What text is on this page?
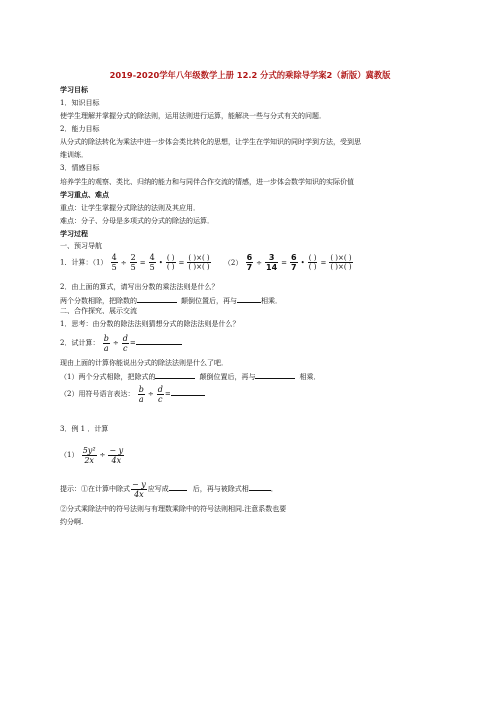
2019-2020学年八年级数学上册 12.2 分式的乘除导学案2（新版）冀教版
学习目标
1．知识目标
使学生理解并掌握分式的除法则，运用法则进行运算，能解决一些与分式有关的问题．
2．能力目标
从分式的除法转化为乘法中进一步体会类比转化的思想，让学生在学知识的同时学到方法，受到思
维训练．
3．情感目标
培养学生的观察、类比、归纳的能力和与同伴合作交流的情感，进一步体会数学知识的实际价值
学习重点、难点
重点：让学生掌握分式除法的法则及其应用．
难点：分子、分母是多项式的分式的除法的运算．
学习过程
一、预习导航
1．计算：$(1) \frac{4}{5} \div \frac{2}{5} = \frac{4}{5}$ • $\frac{( )}{( )} = \frac{( )\times( )}{( )\times( )} (2) \frac{6}{7} \div \frac{3}{14} = \frac{6}{7}$ • $\frac{( )}{( )} = \frac{( )\times( )}{( )\times( )}$
2．由上面的算式，请写出分数的乘法法则是什么？
两个分数相除，把除数的	颠倒位置后，再与	相乘．
二、合作探究、展示交流
1．思考：由分数的除法法则猜想分式的除法法则是什么？
2．试计算： $\frac{b}{a} \div \frac{d}{c}$ =
现由上面的计算你能说出分式的除法法则是什么了吧．
（1）两个分式相除，把除式的	颠倒位置后，再与	相乘．
（2）用符号语言表达： $\frac{b}{a} \div \frac{d}{c}$ =
3．例 1 ．计算
$(1) \frac{\text{5y²}}{2x} \div \frac{- y}{4x}$
提示：①在计算中除式 $\frac{- y}{4x}$ 应写成	后，再与被除式相	．
②分式乘除法中的符号法则与有理数乘除中的符号法则相同.注意系数也要
约分啊.
